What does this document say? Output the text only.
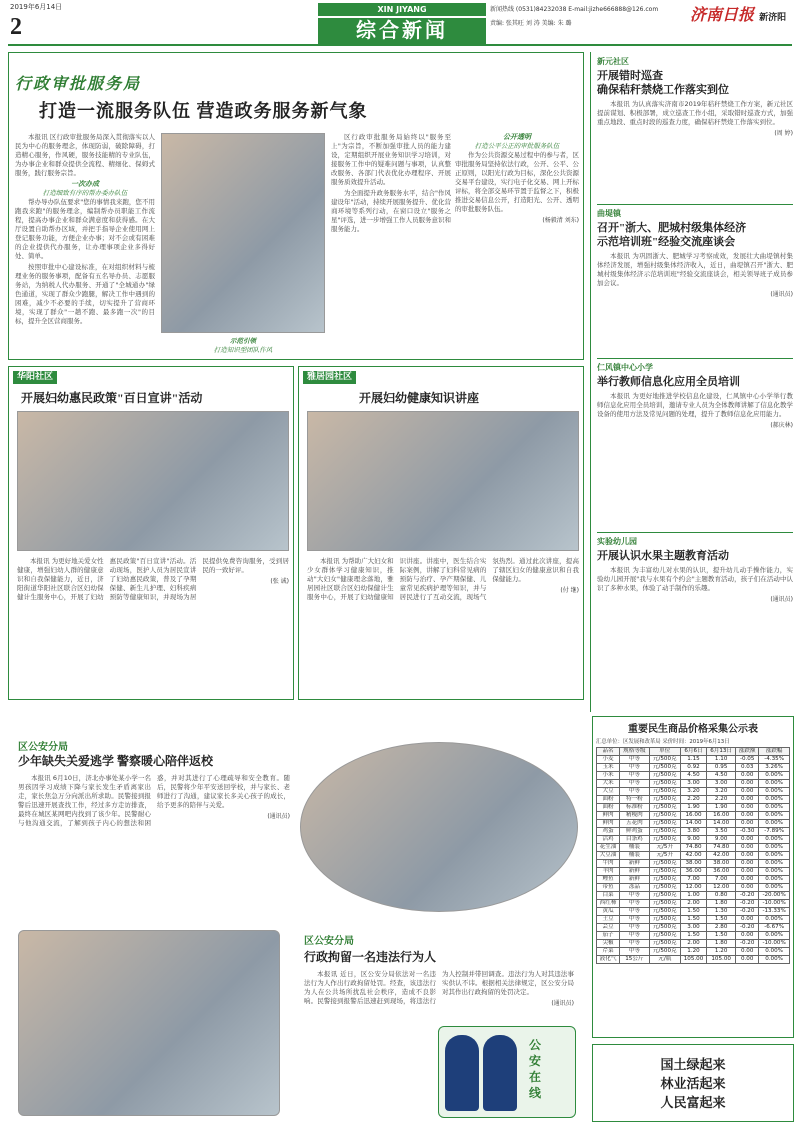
2019年6月14日
2
XIN JIYANG
综合新闻
新闻热线 (0531)84232038 E-mail:jizhe666888@126.com
责编: 张其旺 刘 涛 美编: 朱 璐	济南日报 新济阳
行政审批服务局
打造一流服务队伍 营造政务服务新气象

本报讯 区行政审批服务局深入贯彻落实以人民为中心的服务理念，体现防弱，破除障碍，打造精心服务，作风硬，服务技能精的专业队伍，为办事企业和群众提供全流程、精细化、保姆式服务，践行服务宗旨。

一次办成
打造细致有序的帮办委办队伍

帮办导办队伍要求"您的事情我来跑，您不用跑我来跑"的服务理念，编制帮办员职能工作流程，提高办事企业和群众满意度和获得感。在大厅设置自助帮办区域，并把手指导企业使用网上登记服务功能，方便企业办事；对不会或有困难的企业提供代办服务，让办理事项企业多得好处、简单。

按照审批中心建设标准，在对组织材料与梳理业务的服务事项，配备有五名导办员、志愿服务站，为纳税人代办服务、开通了"全城通办"绿色通道，实现了群众少跑腿，解决工作中遇到的困难，减少不必要的手续，切实提升了营商环境，实现了群众"一趟不跑、最多跑一次"的目标，提升全区营商服务。

示范引领
打造知识型团队作风

区行政审批服务局始终以"服务至上"为宗旨，不断加强审批人员的能力建设，定期组织开展业务知识学习培训，对接服务工作中的疑难问题与事项，认真整改服务、各部门代表优化办理程序、开展服务质效提升活动。

为全面提升政务服务水平，结合"作风建设年"活动，持续开展服务提升、优化营商环境等系列行动，在窗口设立"服务之星"评选，进一步增强工作人员服务意识和服务能力。

公开透明
打造公平公正的审批服务队伍

作为公共资源交易过程中的参与者，区审批服务局坚持依法行政，公开、公平、公正原则，以阳光行政为目标，深化公共资源交易平台建设，实行电子化交易、网上开标评标，将全部交易环节置于监督之下，积极推进交易信息公开，打造阳光、公开、透明的审批服务队伍。

(杨毅清 刘东)
华阳社区
开展妇幼惠民政策"百日宣讲"活动

本报讯 为更好地关爱女性健康，增强妇幼人群的健康意识和自我保健能力，近日，济阳街道华阳社区联合区妇幼保健计生服务中心，开展了妇幼惠民政策"百日宣讲"活动。活动现场，医护人员为居民宣讲了妇幼惠民政策，普及了孕期保健、新生儿护理、妇科疾病预防等健康知识，并现场为居民提供免费咨询服务，受到居民的一致好评。

(张 诚)
雅居园社区
开展妇幼健康知识讲座

本报讯 为帮助广大妇女和少女群体学习健康知识，推动"大妇女"健康理念落地，雅居园社区联合区妇幼保健计生服务中心，开展了妇幼健康知识讲座。讲座中，医生结合实际案例，讲解了妇科常见病的预防与治疗、孕产期保健、儿童常见疾病护理等知识，并与居民进行了互动交流，现场气氛热烈。通过此次讲座，提高了辖区妇女的健康意识和自我保健能力。

(付 继)
区公安分局
少年缺失关爱逃学 警察暖心陪伴返校

本报讯 6月10日，济北办事处某小学一名男孩因学习成绩下降与家长发生矛盾离家出走，家长焦急万分向派出所求助。民警接到报警后迅速开展查找工作，经过多方走访排查，最终在城区某网吧内找到了该少年。民警耐心与他沟通交流，了解到孩子内心的想法和困惑，并对其进行了心理疏导和安全教育。随后，民警将少年平安送回学校，并与家长、老师进行了沟通，建议家长多关心孩子的成长，给予更多的陪伴与关爱。

(通讯员)
区公安分局
行政拘留一名违法行为人

本报讯 近日，区公安分局依法对一名违法行为人作出行政拘留处罚。经查，该违法行为人在公共场所扰乱社会秩序，造成不良影响。民警接到报警后迅速赶到现场，将违法行为人控制并带回调查。违法行为人对其违法事实供认不讳。根据相关法律规定，区公安分局对其作出行政拘留的处罚决定。

(通讯员)
公安在线
新元社区
开展错时巡查
确保秸秆禁烧工作落实到位

本报讯 为认真落实济南市2019年秸秆禁烧工作方案，新元社区提前谋划、积极部署，成立巡查工作小组，采取错时巡查方式，加强重点地段、重点时段的巡查力度，确保秸秆禁烧工作落实到位。

(周 婷)
曲堤镇
召开"浙大、肥城村级集体经济
示范培训班"经验交流座谈会

本报讯 为巩固浙大、肥城学习考察成效，发展壮大曲堤镇村集体经济发展，增强村级集体经济收入，近日，曲堤镇召开"浙大、肥城村级集体经济示范培训班"经验交流座谈会，相关领导班子成员参加会议。

(通讯员)
仁风镇中心小学
举行教师信息化应用全员培训

本报讯 为更好地推进学校信息化建设，仁风镇中心小学举行教师信息化应用全员培训，邀请专业人员为全体教师讲解了信息化教学设备的使用方法及常见问题的处理，提升了教师信息化应用能力。

(郝庆林)
实验幼儿园
开展认识水果主题教育活动

本报讯 为丰富幼儿对水果的认识，提升幼儿动手操作能力，实验幼儿园开展"我与水果有个约会"主题教育活动，孩子们在活动中认识了多种水果，体验了动手制作的乐趣。

(通讯员)
重要民生商品价格采集公示表
汇总单位：区发展和改革局 采价时间：2019年6月13日
品名	规格等级	单位	6月6日	6月13日	涨跌额	涨跌幅
小麦	中等	元/500克	1.15	1.10	-0.05	-4.35%
玉米	中等	元/500克	0.92	0.95	0.03	3.26%
小米	中等	元/500克	4.50	4.50	0.00	0.00%
大米	中等	元/500克	3.00	3.00	0.00	0.00%
大豆	中等	元/500克	3.20	3.20	0.00	0.00%
面粉	特一粉	元/500克	2.20	2.20	0.00	0.00%
面粉	标准粉	元/500克	1.90	1.90	0.00	0.00%
鲜肉	精瘦肉	元/500克	16.00	16.00	0.00	0.00%
鲜肉	五花肉	元/500克	14.00	14.00	0.00	0.00%
鸡蛋	鲜鸡蛋	元/500克	3.80	3.50	-0.30	-7.89%
活鸡	白条鸡	元/500克	9.00	9.00	0.00	0.00%
花生油	桶装	元/5升	74.80	74.80	0.00	0.00%
大豆油	桶装	元/5升	42.00	42.00	0.00	0.00%
牛肉	新鲜	元/500克	38.00	38.00	0.00	0.00%
羊肉	新鲜	元/500克	36.00	36.00	0.00	0.00%
鲤鱼	新鲜	元/500克	7.00	7.00	0.00	0.00%
带鱼	冻品	元/500克	12.00	12.00	0.00	0.00%
白菜	中等	元/500克	1.00	0.80	-0.20	-20.00%
西红柿	中等	元/500克	2.00	1.80	-0.20	-10.00%
黄瓜	中等	元/500克	1.50	1.30	-0.20	-13.33%
土豆	中等	元/500克	1.50	1.50	0.00	0.00%
芸豆	中等	元/500克	3.00	2.80	-0.20	-6.67%
茄子	中等	元/500克	1.50	1.50	0.00	0.00%
尖椒	中等	元/500克	2.00	1.80	-0.20	-10.00%
芹菜	中等	元/500克	1.20	1.20	0.00	0.00%
液化气	15公斤	元/瓶	105.00	105.00	0.00	0.00%
国土绿起来
林业活起来
人民富起来
